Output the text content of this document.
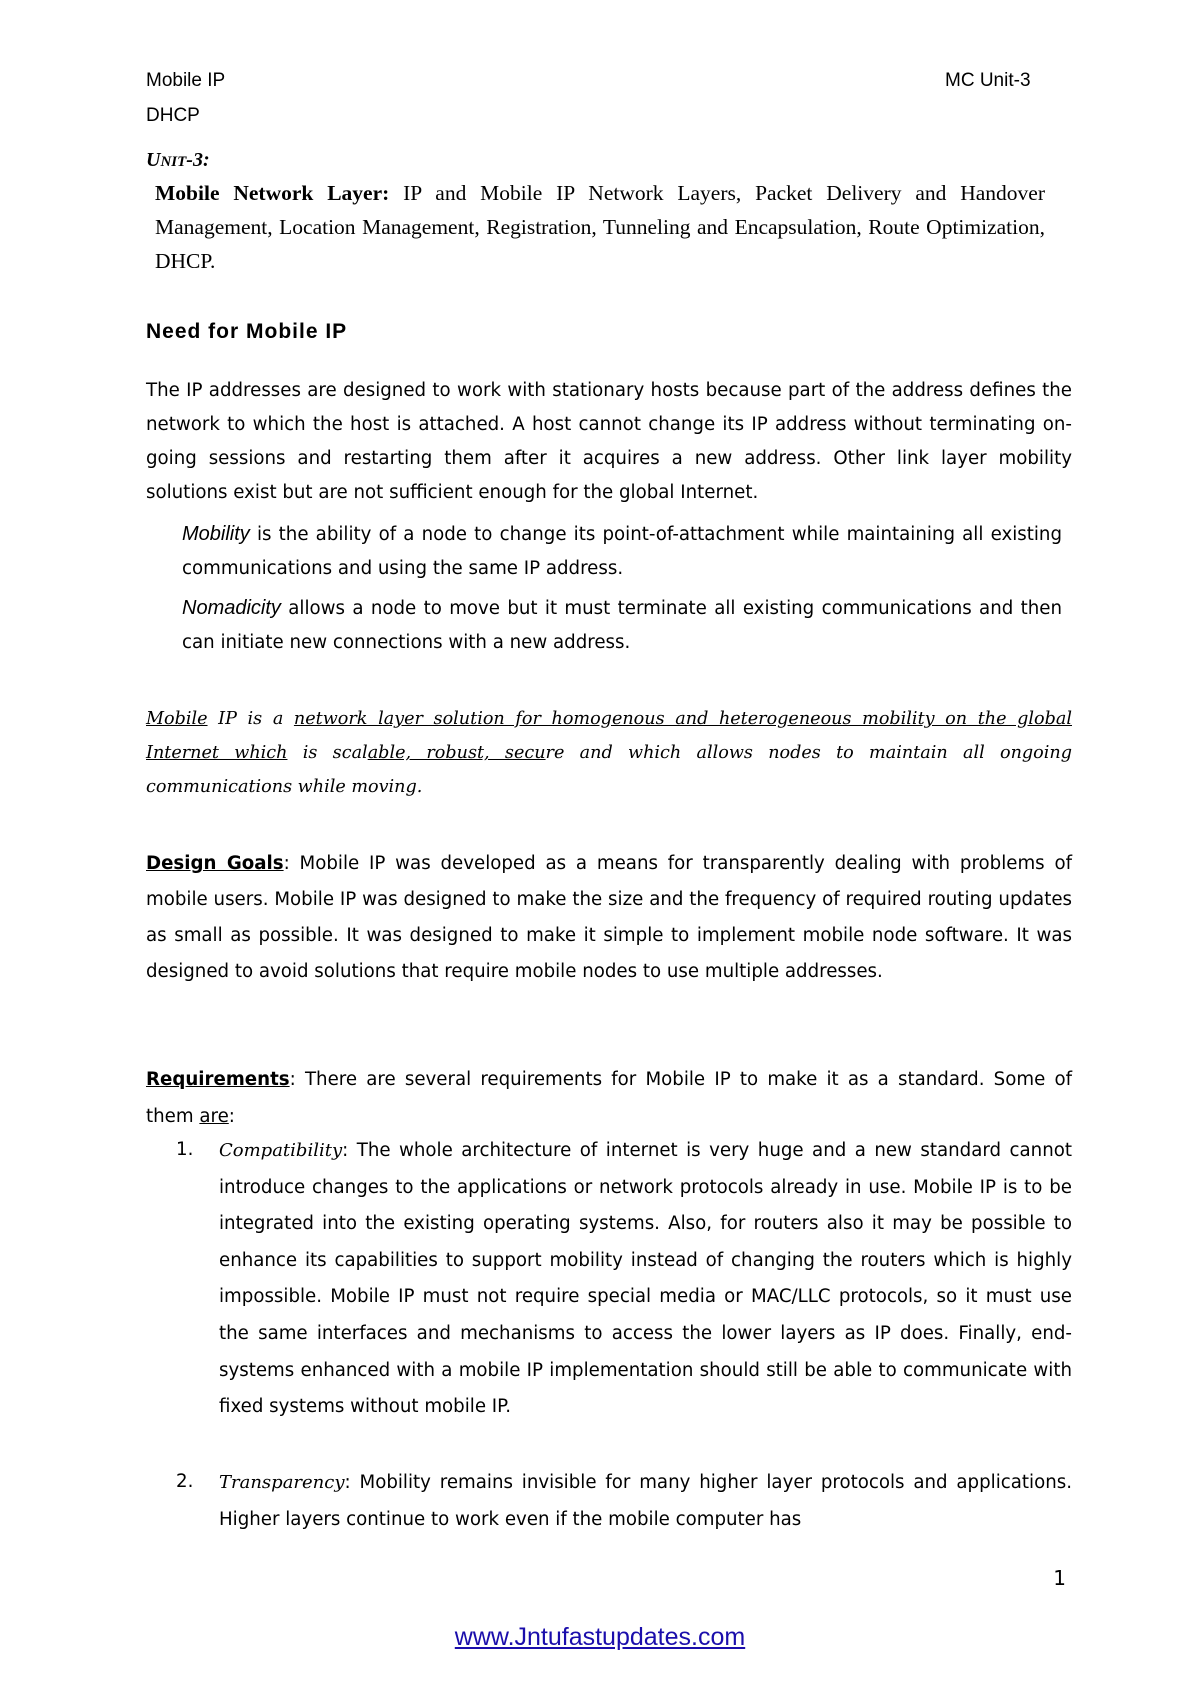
Mobile IP
DHCP
MC Unit-3
UNIT-3:
Mobile Network Layer: IP and Mobile IP Network Layers, Packet Delivery and Handover Management, Location Management, Registration, Tunneling and Encapsulation, Route Optimization, DHCP.
Need for Mobile IP
The IP addresses are designed to work with stationary hosts because part of the address defines the network to which the host is attached. A host cannot change its IP address without terminating on-going sessions and restarting them after it acquires a new address. Other link layer mobility solutions exist but are not sufficient enough for the global Internet.
Mobility is the ability of a node to change its point-of-attachment while maintaining all existing communications and using the same IP address.
Nomadicity allows a node to move but it must terminate all existing communications and then can initiate new connections with a new address.
Mobile IP is a network layer solution for homogenous and heterogeneous mobility on the global Internet which is scalable, robust, secure and which allows nodes to maintain all ongoing communications while moving.
Design Goals: Mobile IP was developed as a means for transparently dealing with problems of mobile users. Mobile IP was designed to make the size and the frequency of required routing updates as small as possible. It was designed to make it simple to implement mobile node software. It was designed to avoid solutions that require mobile nodes to use multiple addresses.
Requirements: There are several requirements for Mobile IP to make it as a standard. Some of them are:
1. Compatibility: The whole architecture of internet is very huge and a new standard cannot introduce changes to the applications or network protocols already in use. Mobile IP is to be integrated into the existing operating systems. Also, for routers also it may be possible to enhance its capabilities to support mobility instead of changing the routers which is highly impossible. Mobile IP must not require special media or MAC/LLC protocols, so it must use the same interfaces and mechanisms to access the lower layers as IP does. Finally, end-systems enhanced with a mobile IP implementation should still be able to communicate with fixed systems without mobile IP.
2. Transparency: Mobility remains invisible for many higher layer protocols and applications. Higher layers continue to work even if the mobile computer has
1
www.Jntufastupdates.com
